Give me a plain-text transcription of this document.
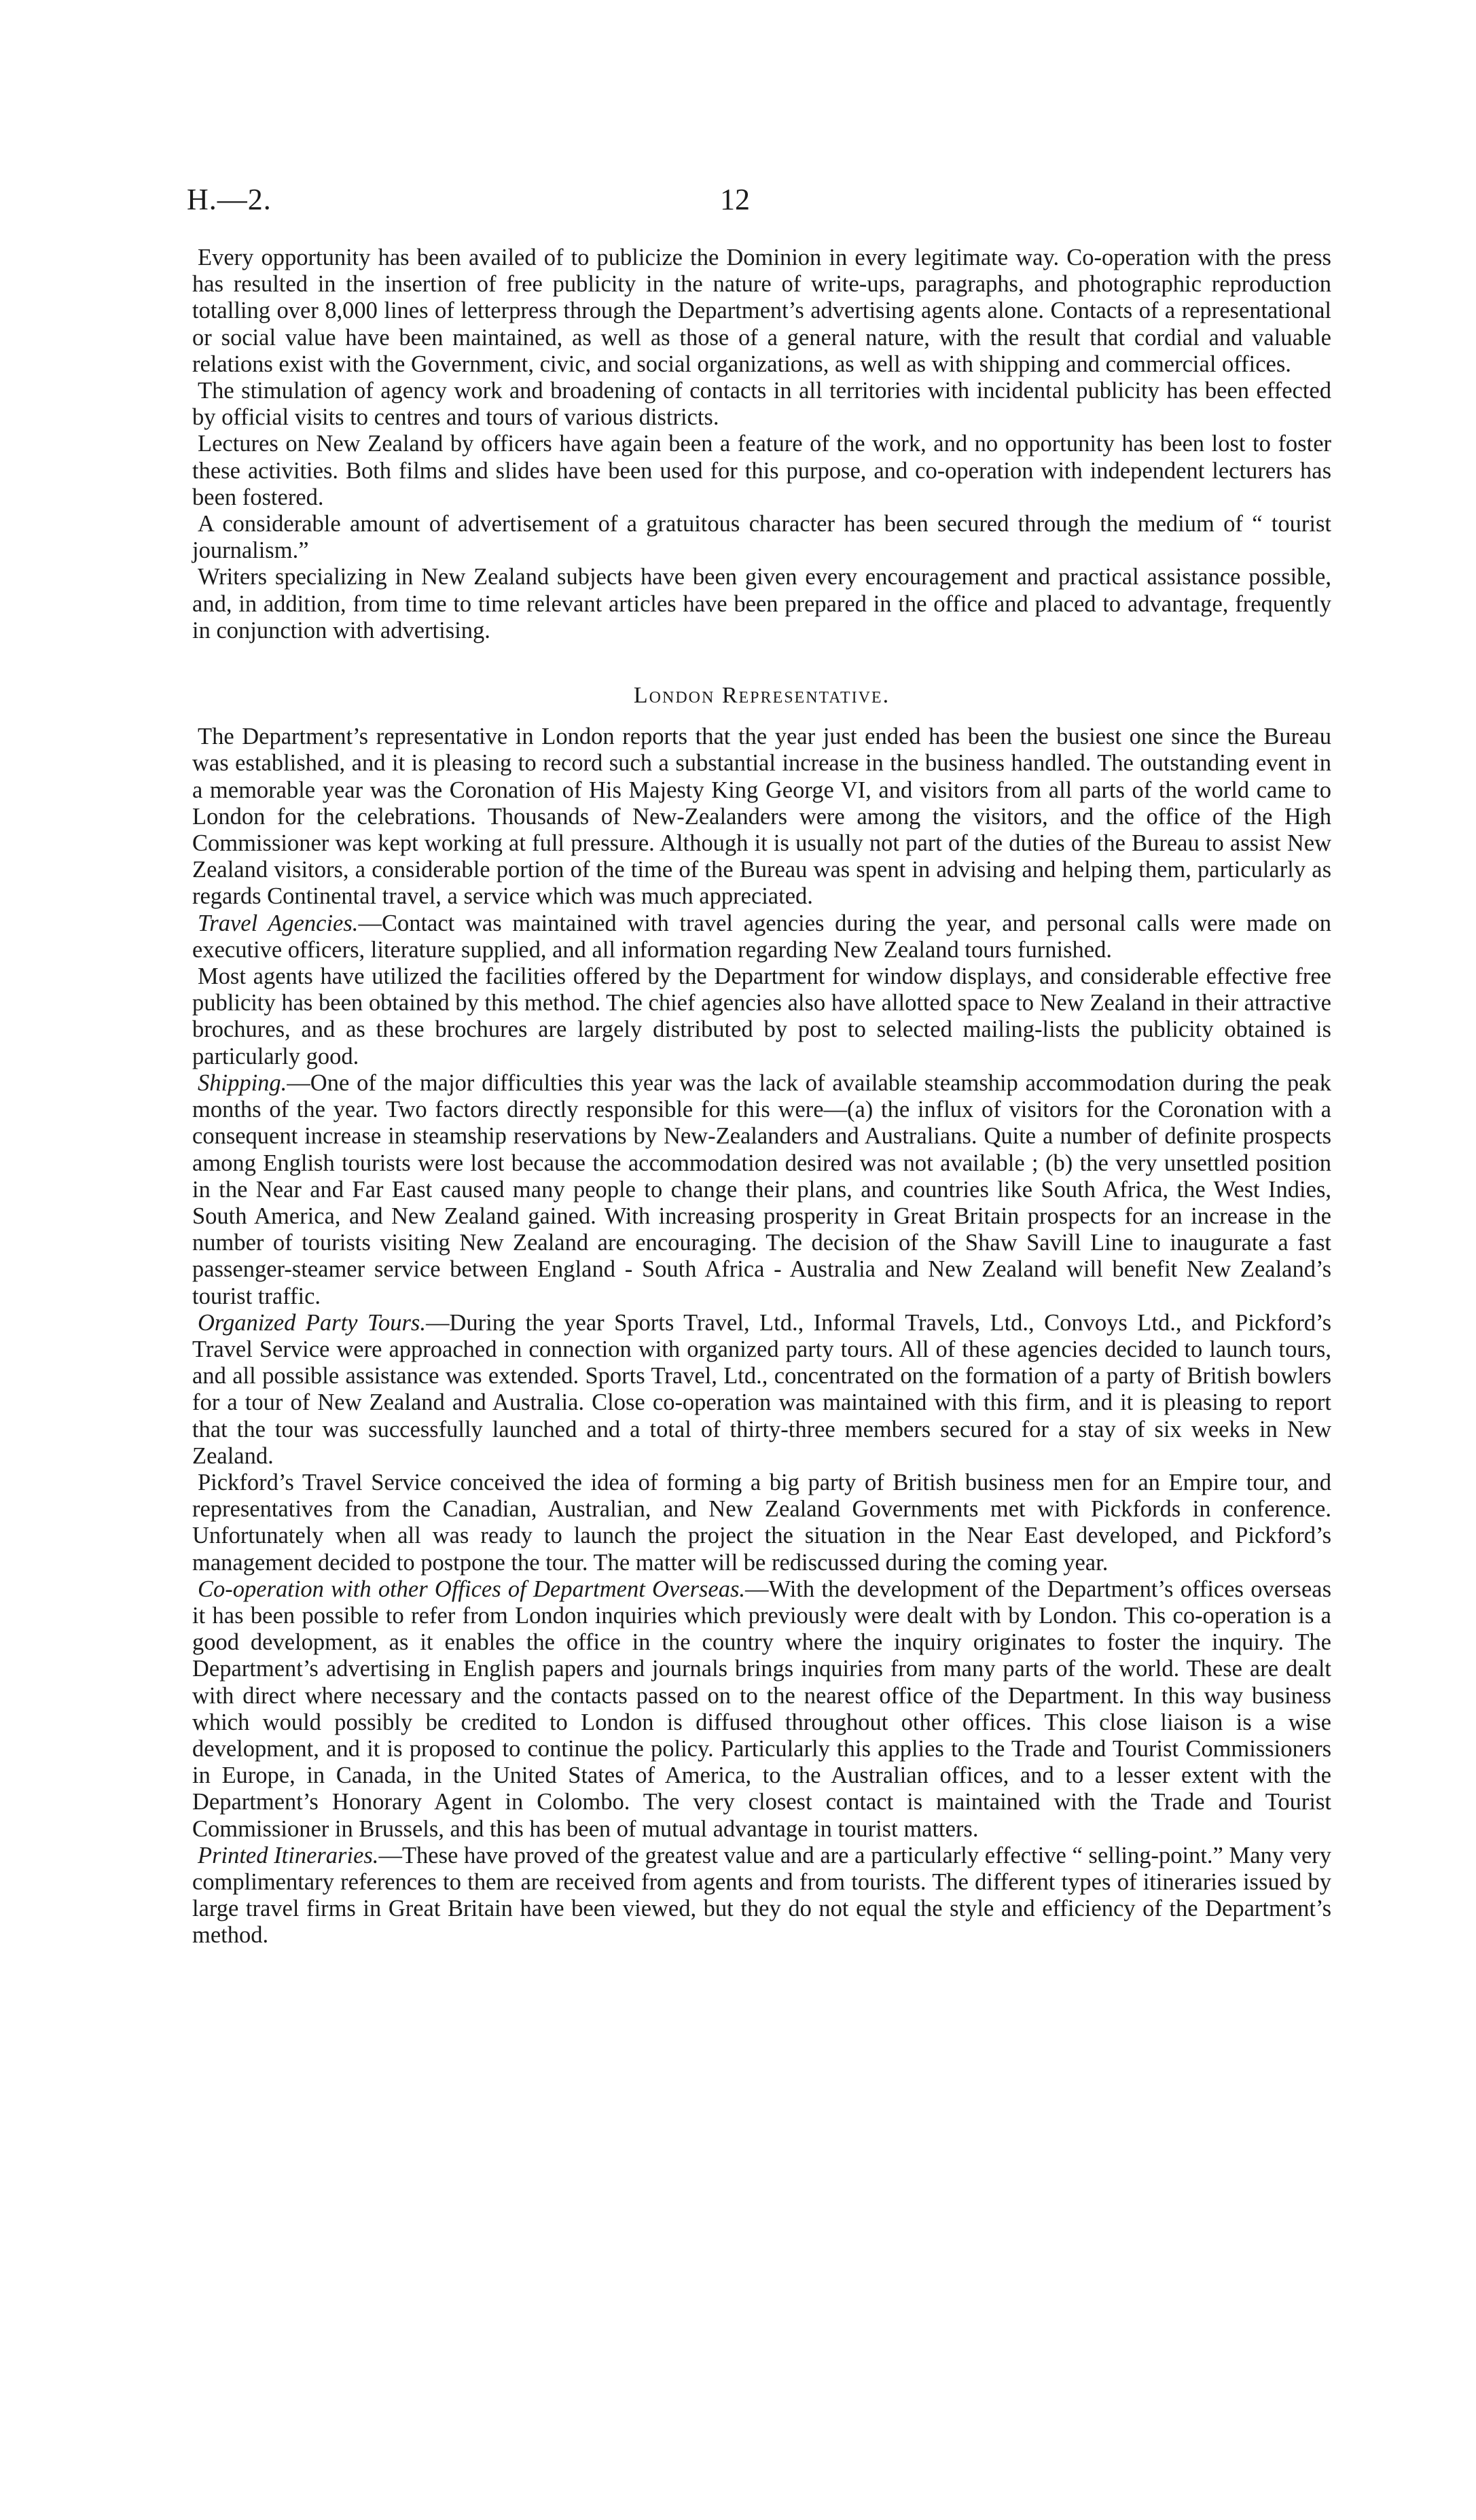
H.—2.	12

Every opportunity has been availed of to publicize the Dominion in every legitimate way. Co-operation with the press has resulted in the insertion of free publicity in the nature of write-ups, paragraphs, and photographic reproduction totalling over 8,000 lines of letterpress through the Department’s advertising agents alone. Contacts of a representational or social value have been maintained, as well as those of a general nature, with the result that cordial and valuable relations exist with the Government, civic, and social organizations, as well as with shipping and commercial offices.

The stimulation of agency work and broadening of contacts in all territories with incidental publicity has been effected by official visits to centres and tours of various districts.

Lectures on New Zealand by officers have again been a feature of the work, and no opportunity has been lost to foster these activities. Both films and slides have been used for this purpose, and co-operation with independent lecturers has been fostered.

A considerable amount of advertisement of a gratuitous character has been secured through the medium of “ tourist journalism.”

Writers specializing in New Zealand subjects have been given every encouragement and practical assistance possible, and, in addition, from time to time relevant articles have been prepared in the office and placed to advantage, frequently in conjunction with advertising.

London Representative.

The Department’s representative in London reports that the year just ended has been the busiest one since the Bureau was established, and it is pleasing to record such a substantial increase in the business handled. The outstanding event in a memorable year was the Coronation of His Majesty King George VI, and visitors from all parts of the world came to London for the celebrations. Thousands of New-Zealanders were among the visitors, and the office of the High Commissioner was kept working at full pressure. Although it is usually not part of the duties of the Bureau to assist New Zealand visitors, a considerable portion of the time of the Bureau was spent in advising and helping them, particularly as regards Continental travel, a service which was much appreciated.

Travel Agencies.—Contact was maintained with travel agencies during the year, and personal calls were made on executive officers, literature supplied, and all information regarding New Zealand tours furnished.

Most agents have utilized the facilities offered by the Department for window displays, and considerable effective free publicity has been obtained by this method. The chief agencies also have allotted space to New Zealand in their attractive brochures, and as these brochures are largely distributed by post to selected mailing-lists the publicity obtained is particularly good.

Shipping.—One of the major difficulties this year was the lack of available steamship accommodation during the peak months of the year. Two factors directly responsible for this were—(a) the influx of visitors for the Coronation with a consequent increase in steamship reservations by New-Zealanders and Australians. Quite a number of definite prospects among English tourists were lost because the accommodation desired was not available ; (b) the very unsettled position in the Near and Far East caused many people to change their plans, and countries like South Africa, the West Indies, South America, and New Zealand gained. With increasing prosperity in Great Britain prospects for an increase in the number of tourists visiting New Zealand are encouraging. The decision of the Shaw Savill Line to inaugurate a fast passenger-steamer service between England - South Africa - Australia and New Zealand will benefit New Zealand’s tourist traffic.

Organized Party Tours.—During the year Sports Travel, Ltd., Informal Travels, Ltd., Convoys Ltd., and Pickford’s Travel Service were approached in connection with organized party tours. All of these agencies decided to launch tours, and all possible assistance was extended. Sports Travel, Ltd., concentrated on the formation of a party of British bowlers for a tour of New Zealand and Australia. Close co-operation was maintained with this firm, and it is pleasing to report that the tour was successfully launched and a total of thirty-three members secured for a stay of six weeks in New Zealand.

Pickford’s Travel Service conceived the idea of forming a big party of British business men for an Empire tour, and representatives from the Canadian, Australian, and New Zealand Governments met with Pickfords in conference. Unfortunately when all was ready to launch the project the situation in the Near East developed, and Pickford’s management decided to postpone the tour. The matter will be rediscussed during the coming year.

Co-operation with other Offices of Department Overseas.—With the development of the Department’s offices overseas it has been possible to refer from London inquiries which previously were dealt with by London. This co-operation is a good development, as it enables the office in the country where the inquiry originates to foster the inquiry. The Department’s advertising in English papers and journals brings inquiries from many parts of the world. These are dealt with direct where necessary and the contacts passed on to the nearest office of the Department. In this way business which would possibly be credited to London is diffused throughout other offices. This close liaison is a wise development, and it is proposed to continue the policy. Particularly this applies to the Trade and Tourist Commissioners in Europe, in Canada, in the United States of America, to the Australian offices, and to a lesser extent with the Department’s Honorary Agent in Colombo. The very closest contact is maintained with the Trade and Tourist Commissioner in Brussels, and this has been of mutual advantage in tourist matters.

Printed Itineraries.—These have proved of the greatest value and are a particularly effective “ selling-point.” Many very complimentary references to them are received from agents and from tourists. The different types of itineraries issued by large travel firms in Great Britain have been viewed, but they do not equal the style and efficiency of the Department’s method.
